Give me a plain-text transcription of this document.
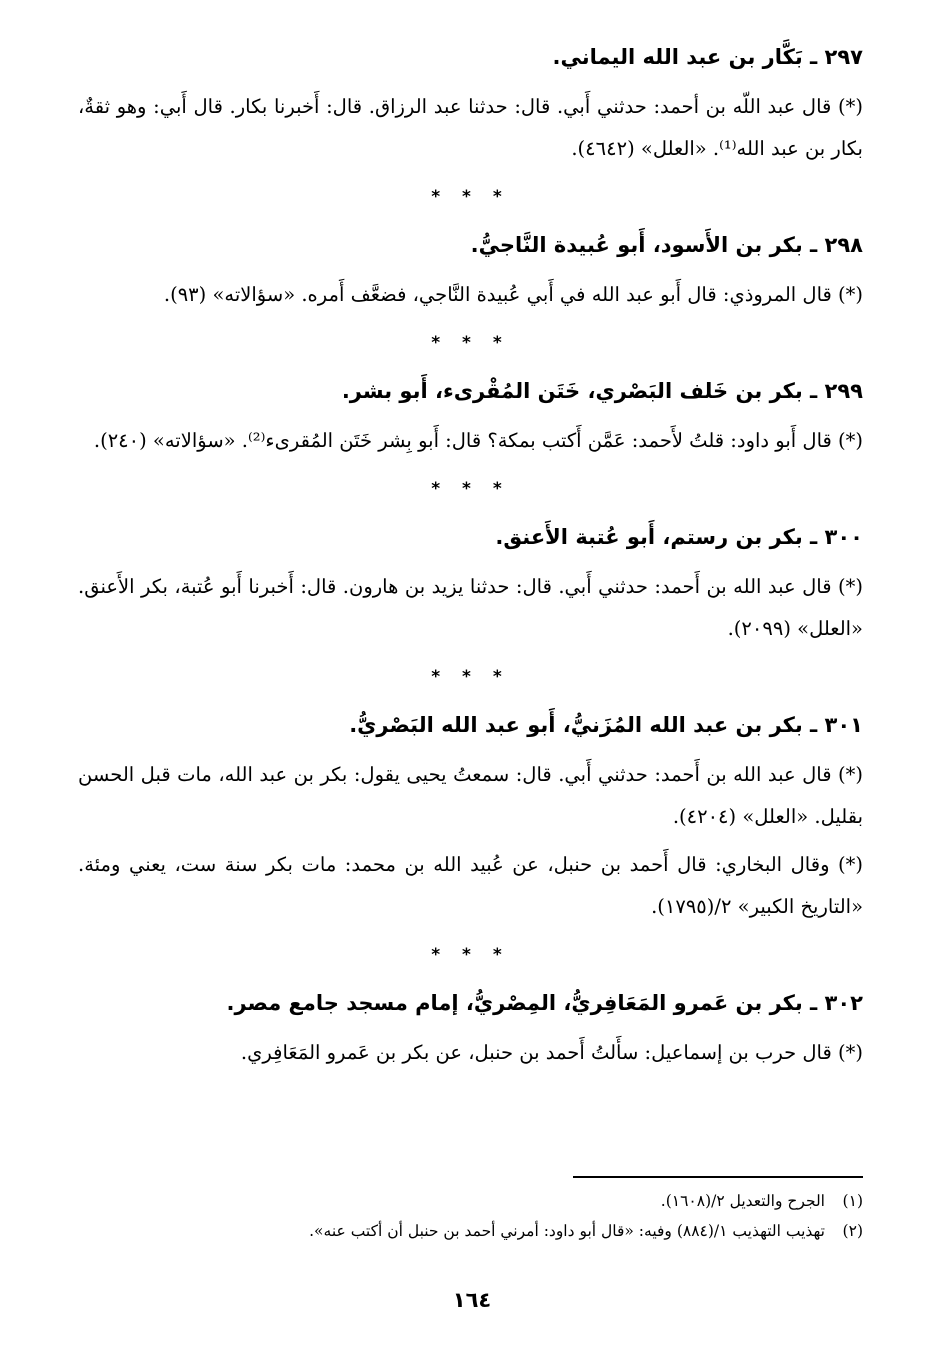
٢٩٧ ـ بَكَّار بن عبد الله اليماني.

(*) قال عبد اللّه بن أحمد: حدثني أَبي. قال: حدثنا عبد الرزاق. قال: أَخبرنا بكار. قال أَبي: وهو ثقةٌ، بكار بن عبد الله⁽¹⁾. «العلل» (٤٦٤٢).

* * *
٢٩٨ ـ بكر بن الأَسود، أَبو عُبيدة النَّاجيُّ.

(*) قال المروذي: قال أَبو عبد الله في أَبي عُبيدة النَّاجي، فضعَّف أَمره. «سؤالاته» (٩٣).

* * *
٢٩٩ ـ بكر بن خَلف البَصْري، خَتَن المُقْرىء، أَبو بشر.

(*) قال أَبو داود: قلتُ لأَحمد: عَمَّن أَكتب بمكة؟ قال: أَبو بِشر خَتَن المُقرىء⁽²⁾. «سؤالاته» (٢٤٠).

* * *
٣٠٠ ـ بكر بن رستم، أَبو عُتبة الأَعنق.

(*) قال عبد الله بن أَحمد: حدثني أَبي. قال: حدثنا يزيد بن هارون. قال: أَخبرنا أَبو عُتبة، بكر الأَعنق. «العلل» (٢٠٩٩).

* * *
٣٠١ ـ بكر بن عبد الله المُزَنيُّ، أَبو عبد الله البَصْريُّ.

(*) قال عبد الله بن أَحمد: حدثني أَبي. قال: سمعتُ يحيى يقول: بكر بن عبد الله، مات قبل الحسن بقليل. «العلل» (٤٢٠٤).

(*) وقال البخاري: قال أَحمد بن حنبل، عن عُبيد الله بن محمد: مات بكر سنة ست، يعني ومئة. «التاريخ الكبير» ٢/(١٧٩٥).

* * *
٣٠٢ ـ بكر بن عَمرو المَعَافِريُّ، المِصْريُّ، إمام مسجد جامع مصر.

(*) قال حرب بن إسماعيل: سأَلتُ أَحمد بن حنبل، عن بكر بن عَمرو المَعَافِري.

(١)
الجرح والتعديل ٢/(١٦٠٨).
(٢)
تهذيب التهذيب ١/(٨٨٤) وفيه: «قال أبو داود: أمرني أحمد بن حنبل أن أكتب عنه».
١٦٤
